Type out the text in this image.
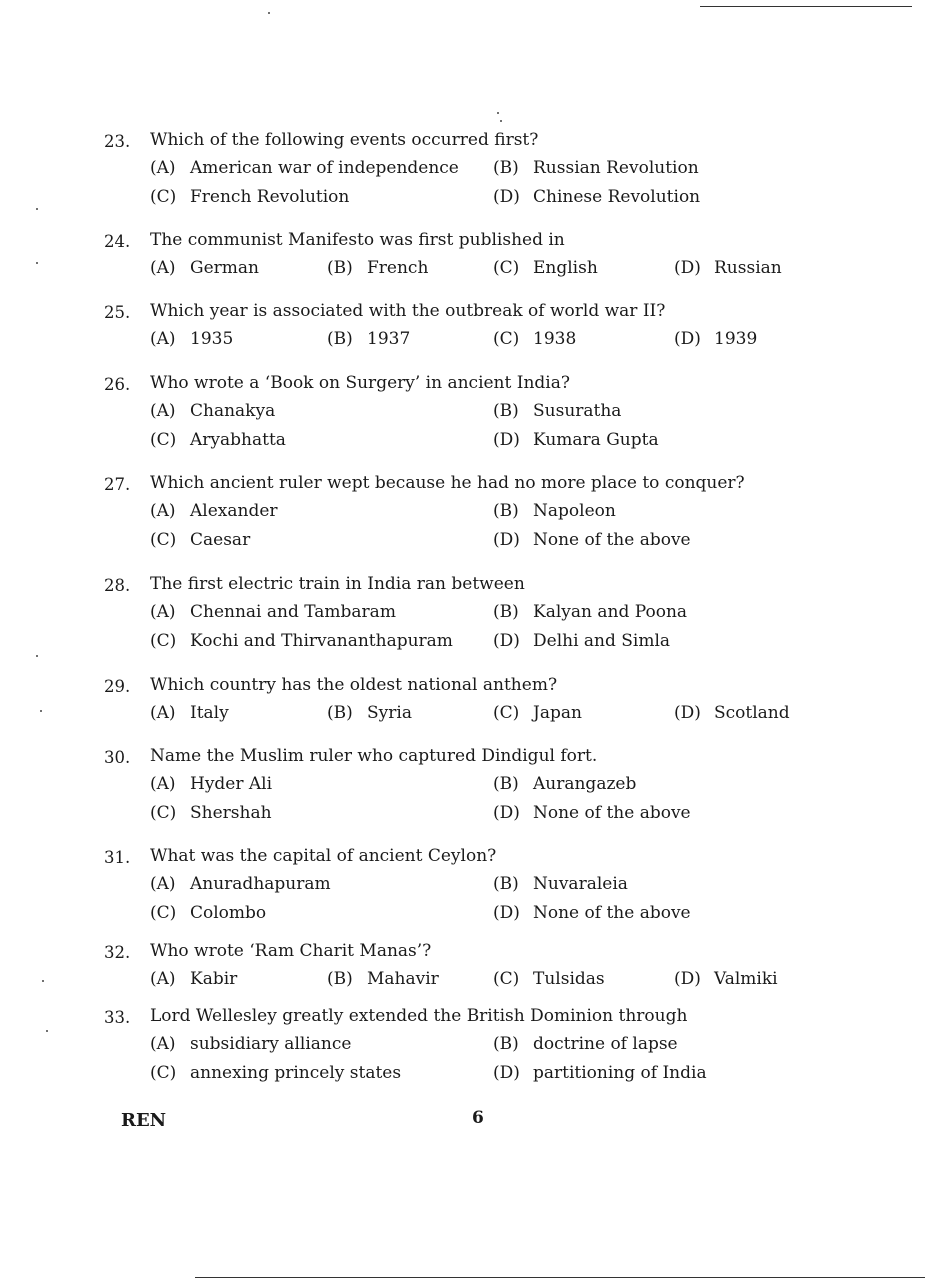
23. Which of the following events occurred first?
(A) American war of independence (B) Russian Revolution
(C) French Revolution	(D) Chinese Revolution
24. The communist Manifesto was first published in
(A) German	(B) French	(C) English	(D) Russian
25. Which year is associated with the outbreak of world war II?
(A) 1935	(B) 1937	(C) 1938	(D) 1939
26. Who wrote a ‘Book on Surgery’ in ancient India?
(A) Chanakya	(B) Susuratha
(C) Aryabhatta	(D) Kumara Gupta
27. Which ancient ruler wept because he had no more place to conquer?
(A) Alexander	(B) Napoleon
(C) Caesar	(D) None of the above
28. The first electric train in India ran between
(A) Chennai and Tambaram	(B) Kalyan and Poona
(C) Kochi and Thirvananthapuram (D) Delhi and Simla
29. Which country has the oldest national anthem?
(A) Italy	(B) Syria	(C) Japan	(D) Scotland
30. Name the Muslim ruler who captured Dindigul fort.
(A) Hyder Ali	(B) Aurangazeb
(C) Shershah	(D) None of the above
31. What was the capital of ancient Ceylon?
(A) Anuradhapuram	(B) Nuvaraleia
(C) Colombo	(D) None of the above
32. Who wrote ‘Ram Charit Manas’?
(A) Kabir	(B) Mahavir	(C) Tulsidas	(D) Valmiki
33. Lord Wellesley greatly extended the British Dominion through
(A) subsidiary alliance	(B) doctrine of lapse
(C) annexing princely states	(D) partitioning of India
REN	6
